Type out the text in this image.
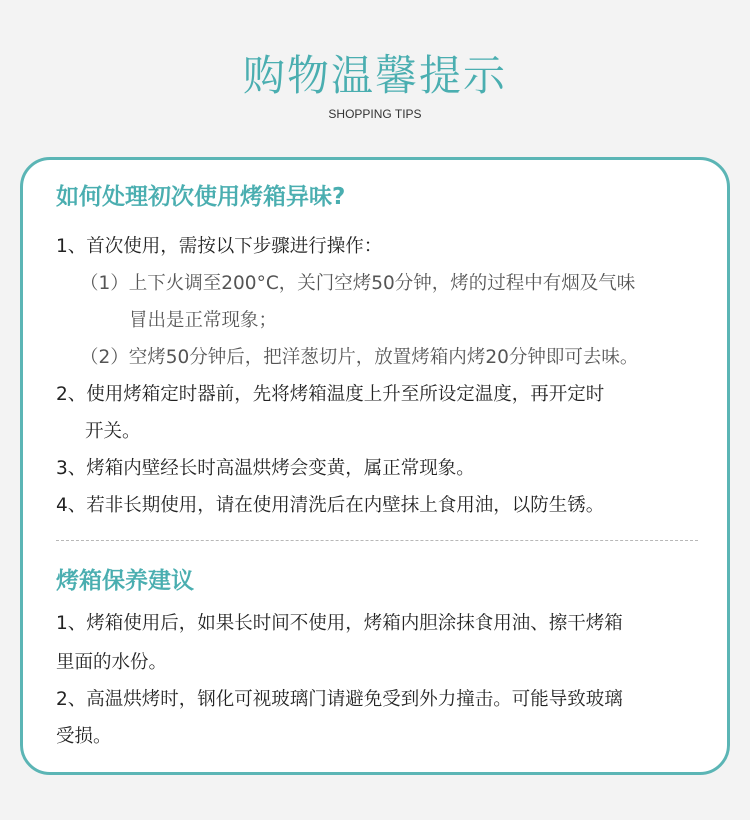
购物温馨提示
SHOPPING TIPS
如何处理初次使用烤箱异味?
1、首次使用，需按以下步骤进行操作：
（1）上下火调至200°C，关门空烤50分钟，烤的过程中有烟及气味
冒出是正常现象；
（2）空烤50分钟后，把洋葱切片，放置烤箱内烤20分钟即可去味。
2、使用烤箱定时器前，先将烤箱温度上升至所设定温度，再开定时
开关。
3、烤箱内壁经长时高温烘烤会变黄，属正常现象。
4、若非长期使用，请在使用清洗后在内壁抹上食用油，以防生锈。
烤箱保养建议
1、烤箱使用后，如果长时间不使用，烤箱内胆涂抹食用油、擦干烤箱
里面的水份。
2、高温烘烤时，钢化可视玻璃门请避免受到外力撞击。可能导致玻璃
受损。
